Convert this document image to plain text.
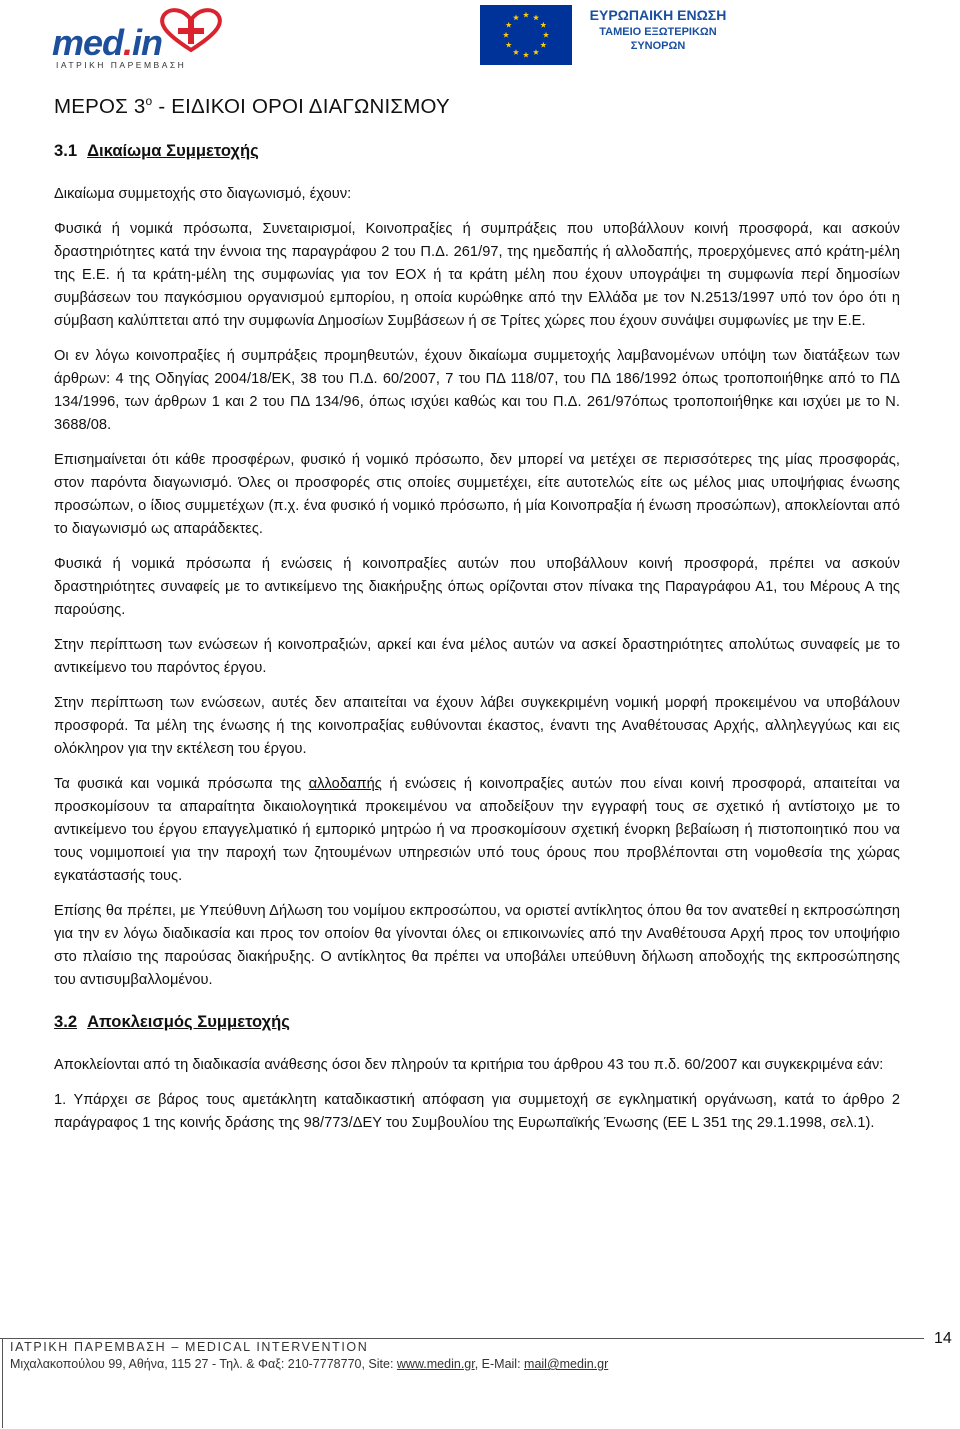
med.in
ΙΑΤΡΙΚΗ ΠΑΡΕΜΒΑΣΗ
ΕΥΡΩΠΑΙΚΗ ΕΝΩΣΗ
ΤΑΜΕΙΟ ΕΞΩΤΕΡΙΚΩΝ
ΣΥΝΟΡΩΝ
ΜΕΡΟΣ $3^o$ - ΕΙΔΙΚΟΙ ΟΡΟΙ ΔΙΑΓΩΝΙΣΜΟΥ
3.1 Δικαίωμα Συμμετοχής

Δικαίωμα συμμετοχής στο διαγωνισμό, έχουν:

Φυσικά ή νομικά πρόσωπα, Συνεταιρισμοί, Κοινοπραξίες ή συμπράξεις που υποβάλλουν κοινή προσφορά, και ασκούν δραστηριότητες κατά την έννοια της παραγράφου 2 του Π.Δ. 261/97, της ημεδαπής ή αλλοδαπής, προερχόμενες από κράτη-μέλη της Ε.Ε. ή τα κράτη-μέλη της συμφωνίας για τον ΕΟΧ ή τα κράτη μέλη που έχουν υπογράψει τη συμφωνία περί δημοσίων συμβάσεων του παγκόσμιου οργανισμού εμπορίου, η οποία κυρώθηκε από την Ελλάδα με τον Ν.2513/1997 υπό τον όρο ότι η σύμβαση καλύπτεται από την συμφωνία Δημοσίων Συμβάσεων ή σε Τρίτες χώρες που έχουν συνάψει συμφωνίες με την Ε.Ε.

Οι εν λόγω κοινοπραξίες ή συμπράξεις προμηθευτών, έχουν δικαίωμα συμμετοχής λαμβανομένων υπόψη των διατάξεων των άρθρων: 4 της Οδηγίας 2004/18/ΕΚ, 38 του Π.Δ. 60/2007, 7 του ΠΔ 118/07, του ΠΔ 186/1992 όπως τροποποιήθηκε από το ΠΔ 134/1996, των άρθρων 1 και 2 του ΠΔ 134/96, όπως ισχύει καθώς και του Π.Δ. 261/97όπως τροποποιήθηκε και ισχύει με το Ν. 3688/08.

Επισημαίνεται ότι κάθε προσφέρων, φυσικό ή νομικό πρόσωπο, δεν μπορεί να μετέχει σε περισσότερες της μίας προσφοράς, στον παρόντα διαγωνισμό. Όλες οι προσφορές στις οποίες συμμετέχει, είτε αυτοτελώς είτε ως μέλος μιας υποψήφιας ένωσης προσώπων, ο ίδιος συμμετέχων (π.χ. ένα φυσικό ή νομικό πρόσωπο, ή μία Κοινοπραξία ή ένωση προσώπων), αποκλείονται από το διαγωνισμό ως απαράδεκτες.

Φυσικά ή νομικά πρόσωπα ή ενώσεις ή κοινοπραξίες αυτών που υποβάλλουν κοινή προσφορά, πρέπει να ασκούν δραστηριότητες συναφείς με το αντικείμενο της διακήρυξης όπως ορίζονται στον πίνακα της Παραγράφου Α1, του Μέρους Α της παρούσης.

Στην περίπτωση των ενώσεων ή κοινοπραξιών, αρκεί και ένα μέλος αυτών να ασκεί δραστηριότητες απολύτως συναφείς με το αντικείμενο του παρόντος έργου.

Στην περίπτωση των ενώσεων, αυτές δεν απαιτείται να έχουν λάβει συγκεκριμένη νομική μορφή προκειμένου να υποβάλουν προσφορά. Τα μέλη της ένωσης ή της κοινοπραξίας ευθύνονται έκαστος, έναντι της Αναθέτουσας Αρχής, αλληλεγγύως και εις ολόκληρον για την εκτέλεση του έργου.

Τα φυσικά και νομικά πρόσωπα της αλλοδαπής ή ενώσεις ή κοινοπραξίες αυτών που είναι κοινή προσφορά, απαιτείται να προσκομίσουν τα απαραίτητα δικαιολογητικά προκειμένου να αποδείξουν την εγγραφή τους σε σχετικό ή αντίστοιχο με το αντικείμενο του έργου επαγγελματικό ή εμπορικό μητρώο ή να προσκομίσουν σχετική ένορκη βεβαίωση ή πιστοποιητικό που να τους νομιμοποιεί για την παροχή των ζητουμένων υπηρεσιών υπό τους όρους που προβλέπονται στη νομοθεσία της χώρας εγκατάστασής τους.

Επίσης θα πρέπει, με Υπεύθυνη Δήλωση του νομίμου εκπροσώπου, να οριστεί αντίκλητος όπου θα τον ανατεθεί η εκπροσώπηση για την εν λόγω διαδικασία και προς τον οποίον θα γίνονται όλες οι επικοινωνίες από την Αναθέτουσα Αρχή προς τον υποψήφιο στο πλαίσιο της παρούσας διακήρυξης. Ο αντίκλητος θα πρέπει να υποβάλει υπεύθυνη δήλωση αποδοχής της εκπροσώπησης του αντισυμβαλλομένου.

3.2 Αποκλεισμός Συμμετοχής

Αποκλείονται από τη διαδικασία ανάθεσης όσοι δεν πληρούν τα κριτήρια του άρθρου 43 του π.δ. 60/2007 και συγκεκριμένα εάν:

1. Υπάρχει σε βάρος τους αμετάκλητη καταδικαστική απόφαση για συμμετοχή σε εγκληματική οργάνωση, κατά το άρθρο 2 παράγραφος 1 της κοινής δράσης της 98/773/ΔΕΥ του Συμβουλίου της Ευρωπαϊκής Ένωσης (ΕΕ L 351 της 29.1.1998, σελ.1).

ΙΑΤΡΙΚΗ ΠΑΡΕΜΒΑΣΗ – MEDICAL INTERVENTION
Μιχαλακοπούλου 99, Αθήνα, 115 27 - Τηλ. & Φαξ: 210-7778770, Site: www.medin.gr, E-Mail: mail@medin.gr
14
